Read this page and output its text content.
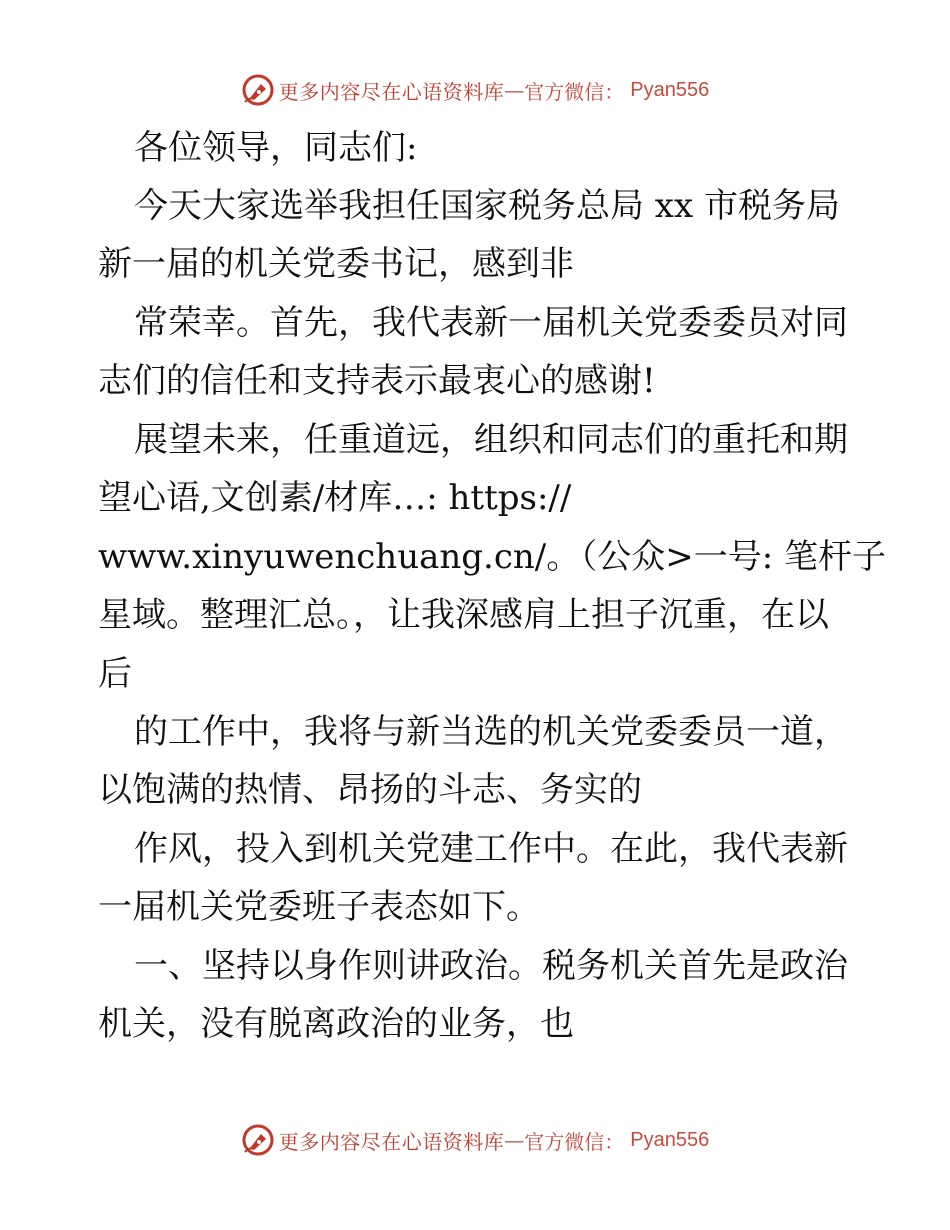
更多内容尽在心语资料库 — 官方微信： Pyan556
各位领导，同志们:
今天大家选举我担任国家税务总局 xx 市税务局
新一届的机关党委书记，感到非
常荣幸。首先，我代表新一届机关党委委员对同
志们的信任和支持表示最衷心的感谢!
展望未来，任重道远，组织和同志们的重托和期
望心语,文创素/材库…: https://
www.xinyuwenchuang.cn/。（公众>一号: 笔杆子
星域。整理汇总。，让我深感肩上担子沉重，在以
后
的工作中，我将与新当选的机关党委委员一道，
以饱满的热情、昂扬的斗志、务实的
作风，投入到机关党建工作中。在此，我代表新
一届机关党委班子表态如下。
一、坚持以身作则讲政治。税务机关首先是政治
机关，没有脱离政治的业务，也
更多内容尽在心语资料库 — 官方微信： Pyan556
